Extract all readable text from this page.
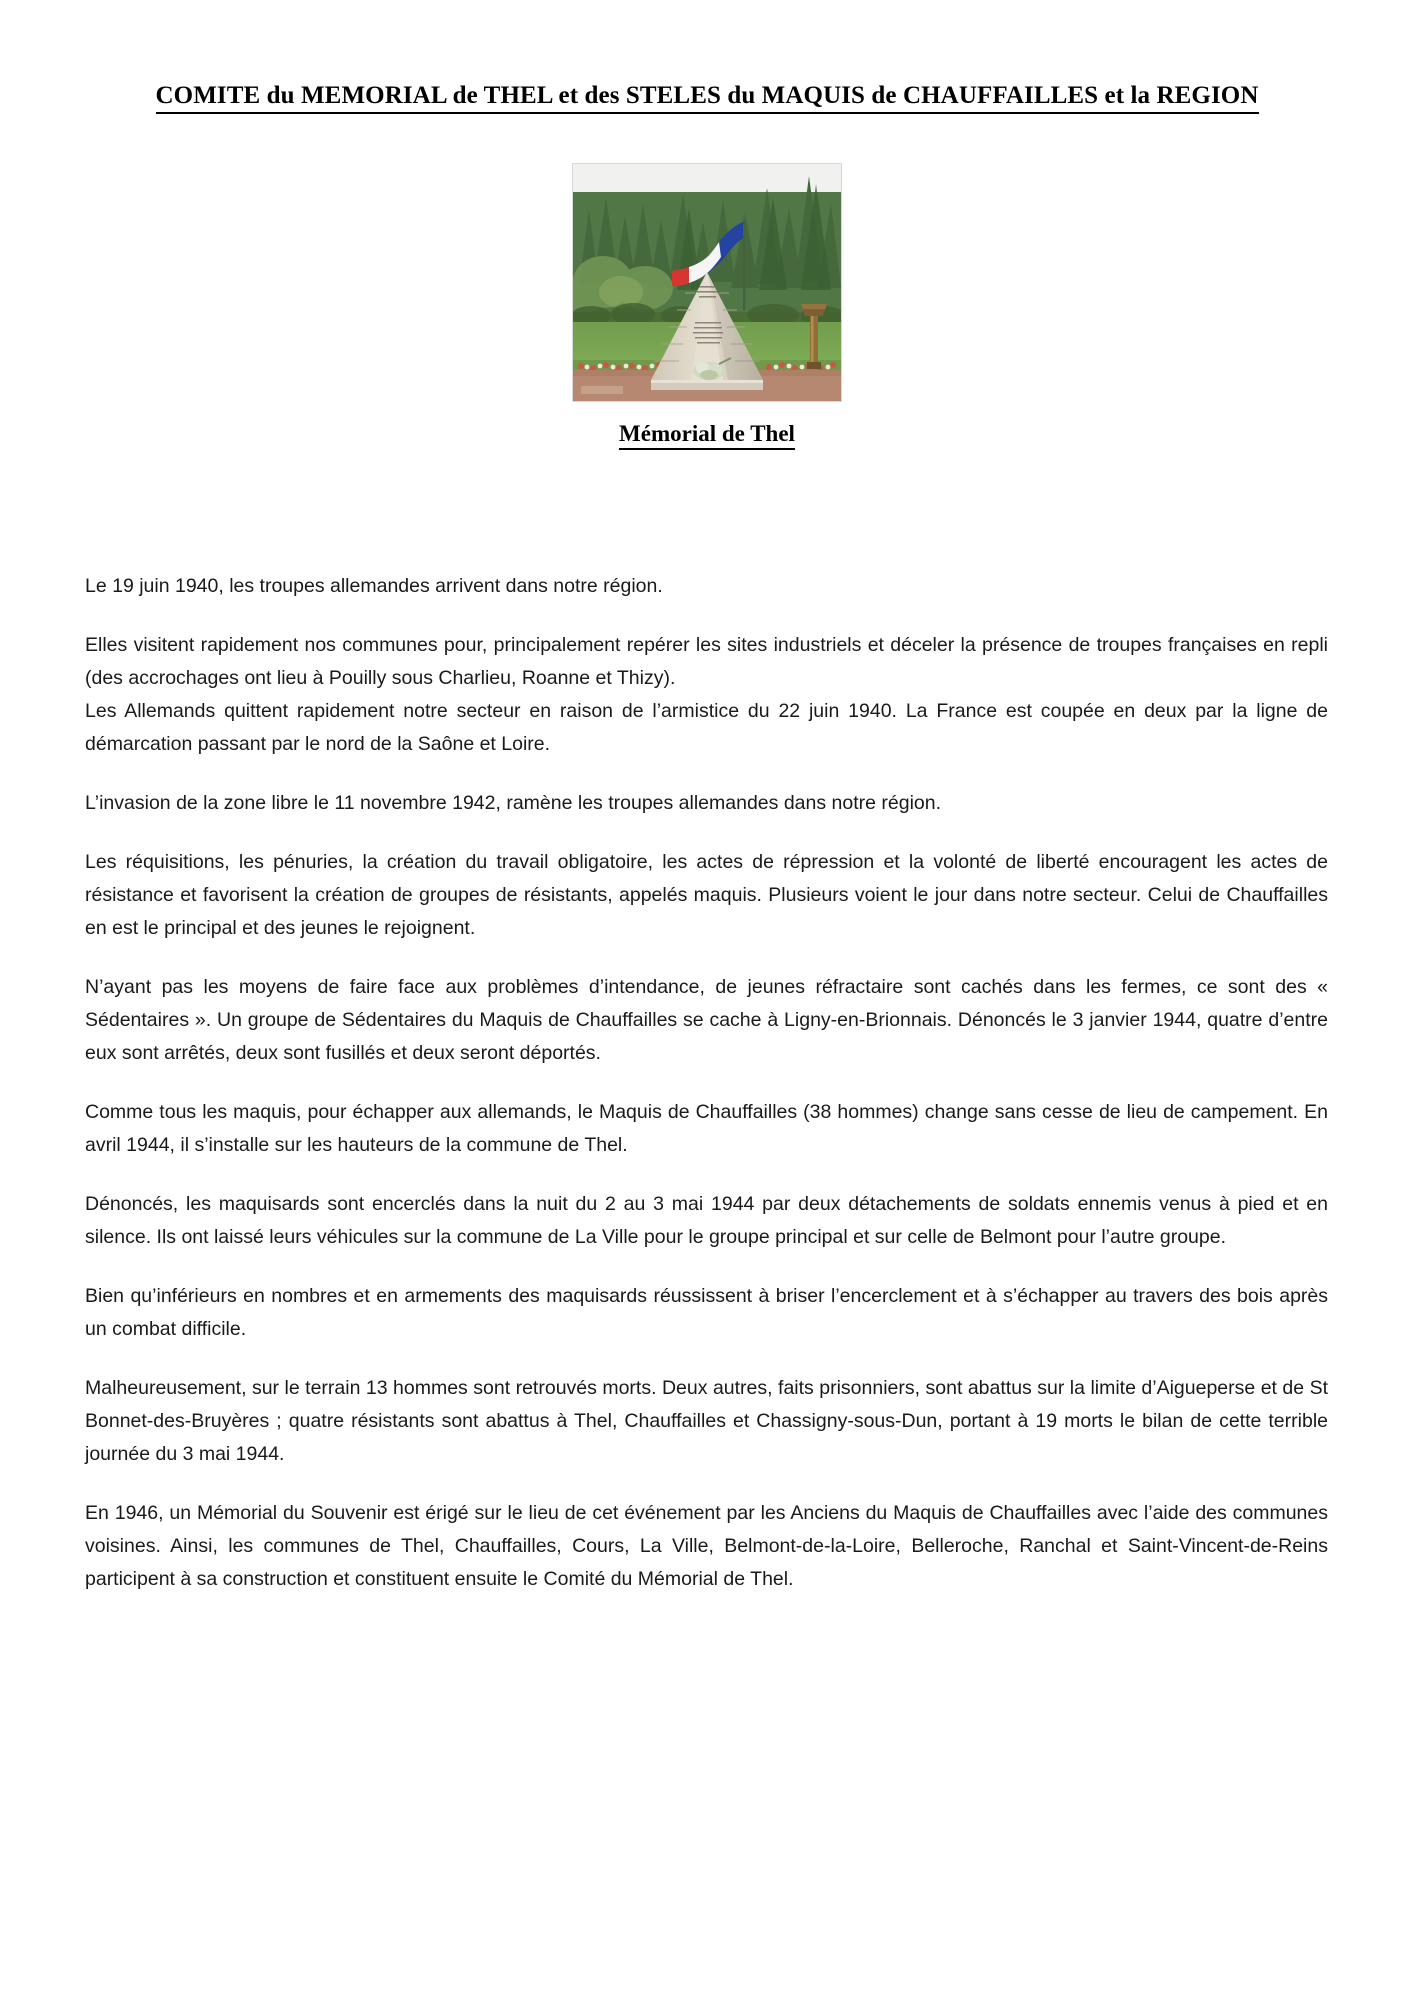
COMITE du MEMORIAL de THEL et des STELES du MAQUIS de CHAUFFAILLES et la REGION
Mémorial de Thel

Le 19 juin 1940, les troupes allemandes arrivent dans notre région.

Elles visitent rapidement nos communes pour, principalement repérer les sites industriels et déceler la présence de troupes françaises en repli (des accrochages ont lieu à Pouilly sous Charlieu, Roanne et Thizy).

Les Allemands quittent rapidement notre secteur en raison de l’armistice du 22 juin 1940. La France est coupée en deux par la ligne de démarcation passant par le nord de la Saône et Loire.

L’invasion de la zone libre le 11 novembre 1942, ramène les troupes allemandes dans notre région.

Les réquisitions, les pénuries, la création du travail obligatoire, les actes de répression et la volonté de liberté encouragent les actes de résistance et favorisent la création de groupes de résistants, appelés maquis. Plusieurs voient le jour dans notre secteur. Celui de Chauffailles en est le principal et des jeunes le rejoignent.

N’ayant pas les moyens de faire face aux problèmes d’intendance, de jeunes réfractaire sont cachés dans les fermes, ce sont des « Sédentaires ». Un groupe de Sédentaires du Maquis de Chauffailles se cache à Ligny-en-Brionnais. Dénoncés le 3 janvier 1944, quatre d’entre eux sont arrêtés, deux sont fusillés et deux seront déportés.

Comme tous les maquis, pour échapper aux allemands, le Maquis de Chauffailles (38 hommes) change sans cesse de lieu de campement. En avril 1944, il s’installe sur les hauteurs de la commune de Thel.

Dénoncés, les maquisards sont encerclés dans la nuit du 2 au 3 mai 1944 par deux détachements de soldats ennemis venus à pied et en silence. Ils ont laissé leurs véhicules sur la commune de La Ville pour le groupe principal et sur celle de Belmont pour l’autre groupe.

Bien qu’inférieurs en nombres et en armements des maquisards réussissent à briser l’encerclement et à s’échapper au travers des bois après un combat difficile.

Malheureusement, sur le terrain 13 hommes sont retrouvés morts. Deux autres, faits prisonniers, sont abattus sur la limite d’Aigueperse et de St Bonnet-des-Bruyères ; quatre résistants sont abattus à Thel, Chauffailles et Chassigny-sous-Dun, portant à 19 morts le bilan de cette terrible journée du 3 mai 1944.

En 1946, un Mémorial du Souvenir est érigé sur le lieu de cet événement par les Anciens du Maquis de Chauffailles avec l’aide des communes voisines. Ainsi, les communes de Thel, Chauffailles, Cours, La Ville, Belmont-de-la-Loire, Belleroche, Ranchal et Saint-Vincent-de-Reins participent à sa construction et constituent ensuite le Comité du Mémorial de Thel.
